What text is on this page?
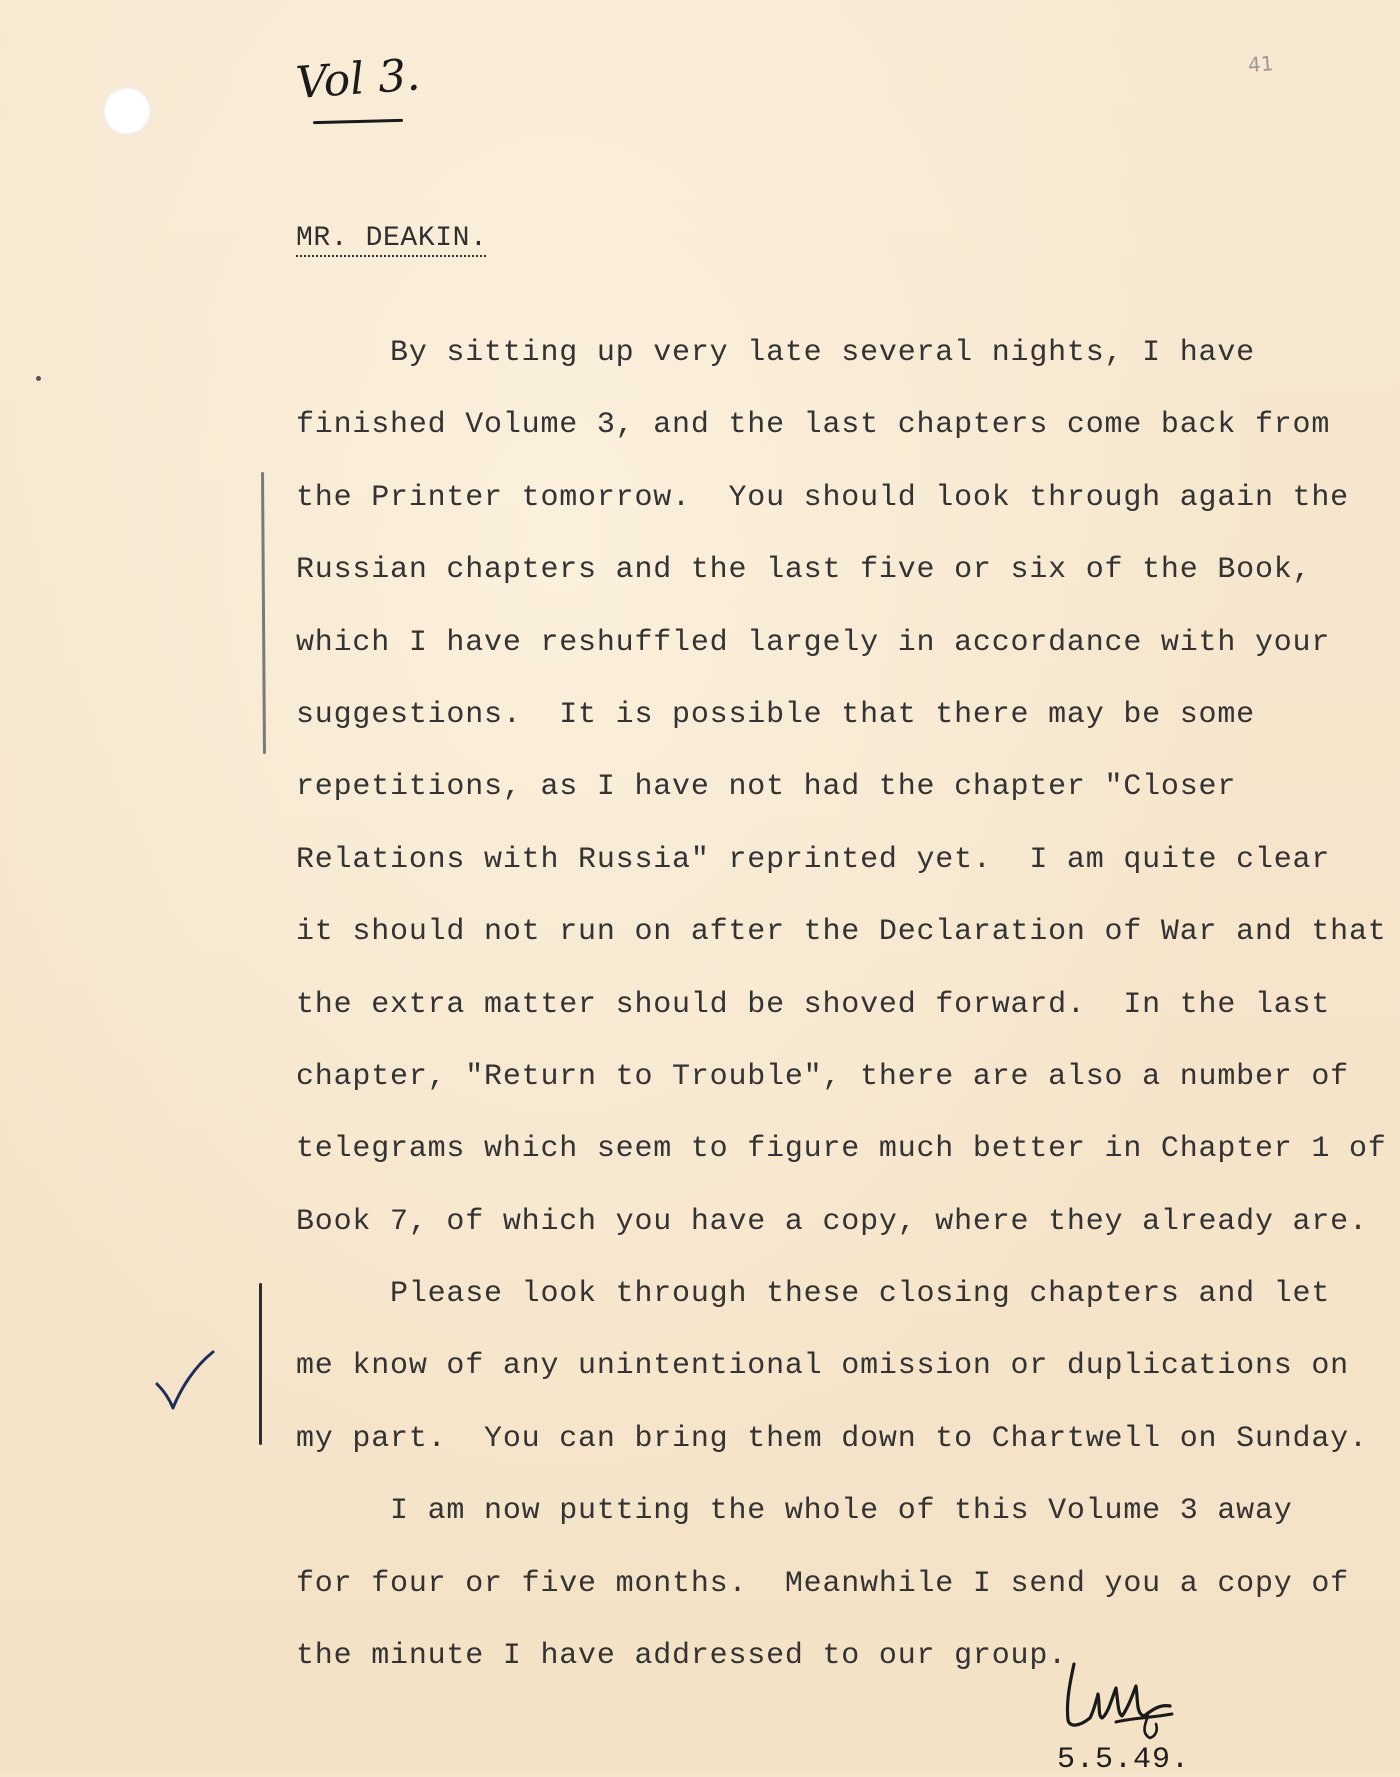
41
Vol 3.
MR. DEAKIN.
By sitting up very late several nights, I have
finished Volume 3, and the last chapters come back from
the Printer tomorrow.  You should look through again the
Russian chapters and the last five or six of the Book,
which I have reshuffled largely in accordance with your
suggestions.  It is possible that there may be some
repetitions, as I have not had the chapter "Closer
Relations with Russia" reprinted yet.  I am quite clear
it should not run on after the Declaration of War and that
the extra matter should be shoved forward.  In the last
chapter, "Return to Trouble", there are also a number of
telegrams which seem to figure much better in Chapter 1 of
Book 7, of which you have a copy, where they already are.
Please look through these closing chapters and let
me know of any unintentional omission or duplications on
my part.  You can bring them down to Chartwell on Sunday.
I am now putting the whole of this Volume 3 away
for four or five months.  Meanwhile I send you a copy of
the minute I have addressed to our group.
5.5.49.
